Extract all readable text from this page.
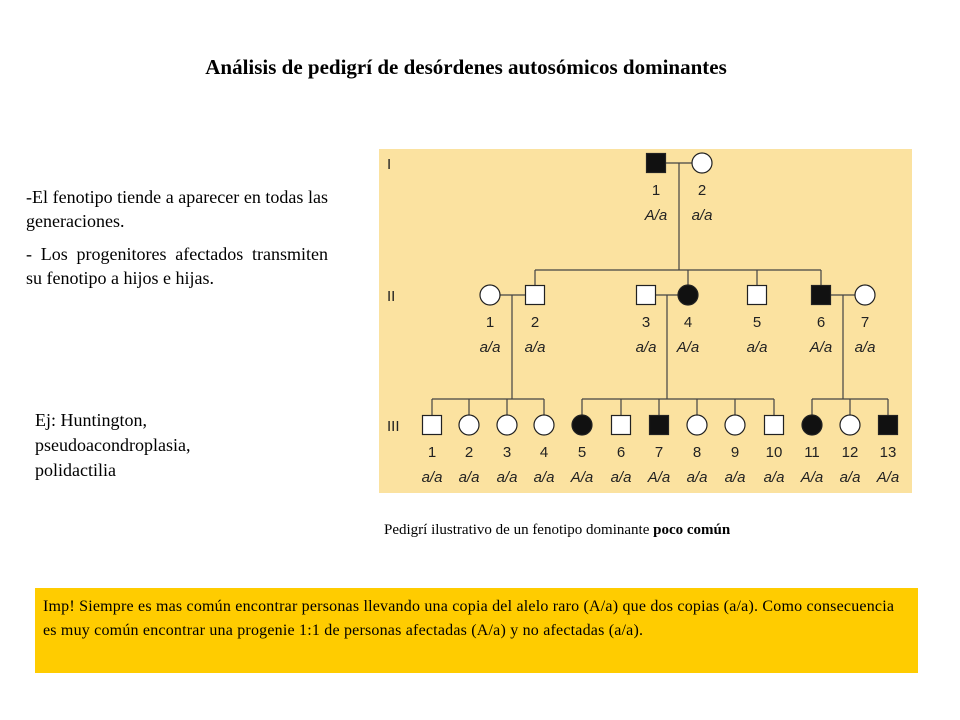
Análisis de pedigrí de desórdenes autosómicos dominantes

-El fenotipo tiende a aparecer en todas las generaciones.

- Los progenitores afectados transmiten su fenotipo a hijos e hijas.

Ej: Huntington,
pseudoacondroplasia,
polidactilia
I
1
A/a
2
a/a
II
1
a/a
2
a/a
3
a/a
4
A/a
5
a/a
6
A/a
7
a/a
III
1
a/a
2
a/a
3
a/a
4
a/a
5
A/a
6
a/a
7
A/a
8
a/a
9
a/a
10
a/a
11
A/a
12
a/a
13
A/a
Pedigrí ilustrativo de un fenotipo dominante poco común
Imp! Siempre es mas común encontrar personas llevando una copia del alelo raro (A/a) que dos copias (a/a). Como consecuencia es muy común encontrar una progenie 1:1 de personas afectadas (A/a) y no afectadas (a/a).
